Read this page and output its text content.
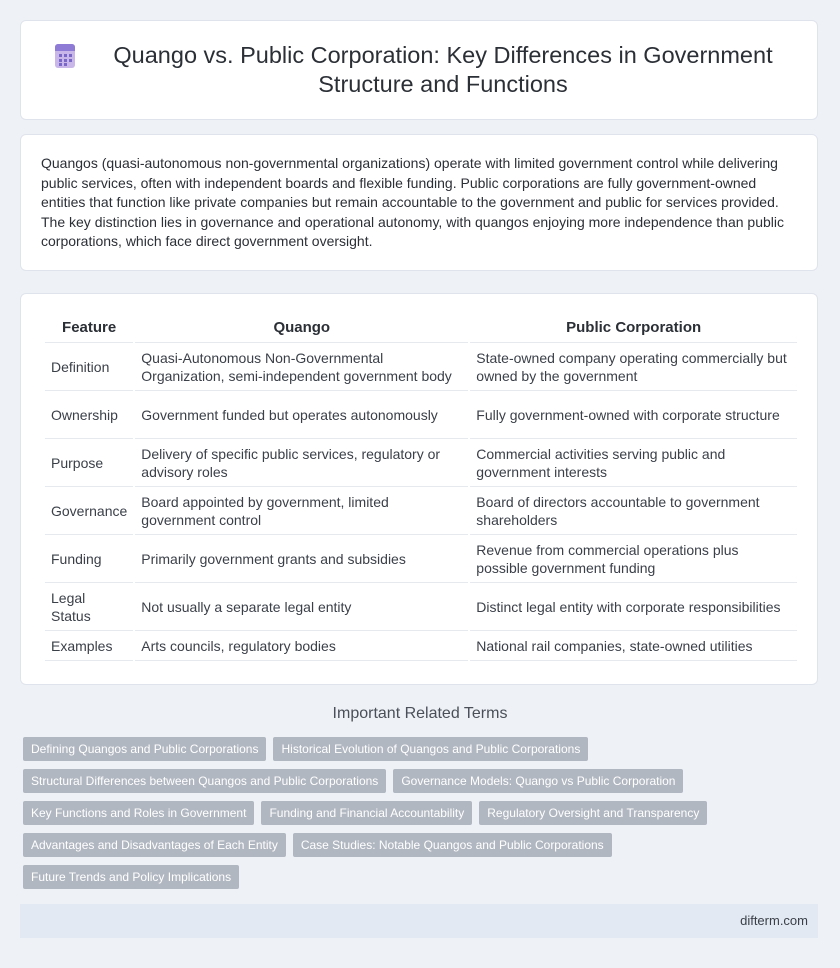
Quango vs. Public Corporation: Key Differences in Government Structure and Functions

Quangos (quasi-autonomous non-governmental organizations) operate with limited government control while delivering public services, often with independent boards and flexible funding. Public corporations are fully government-owned entities that function like private companies but remain accountable to the government and public for services provided. The key distinction lies in governance and operational autonomy, with quangos enjoying more independence than public corporations, which face direct government oversight.

Feature	Quango	Public Corporation
Definition	Quasi-Autonomous Non-Governmental Organization, semi-independent government body	State-owned company operating commercially but owned by the government
Ownership	Government funded but operates autonomously	Fully government-owned with corporate structure
Purpose	Delivery of specific public services, regulatory or advisory roles	Commercial activities serving public and government interests
Governance	Board appointed by government, limited government control	Board of directors accountable to government shareholders
Funding	Primarily government grants and subsidies	Revenue from commercial operations plus possible government funding
Legal Status	Not usually a separate legal entity	Distinct legal entity with corporate responsibilities
Examples	Arts councils, regulatory bodies	National rail companies, state-owned utilities
Important Related Terms
Defining Quangos and Public Corporations	Historical Evolution of Quangos and Public Corporations
Structural Differences between Quangos and Public Corporations	Governance Models: Quango vs Public Corporation
Key Functions and Roles in Government	Funding and Financial Accountability	Regulatory Oversight and Transparency
Advantages and Disadvantages of Each Entity	Case Studies: Notable Quangos and Public Corporations
Future Trends and Policy Implications
difterm.com
